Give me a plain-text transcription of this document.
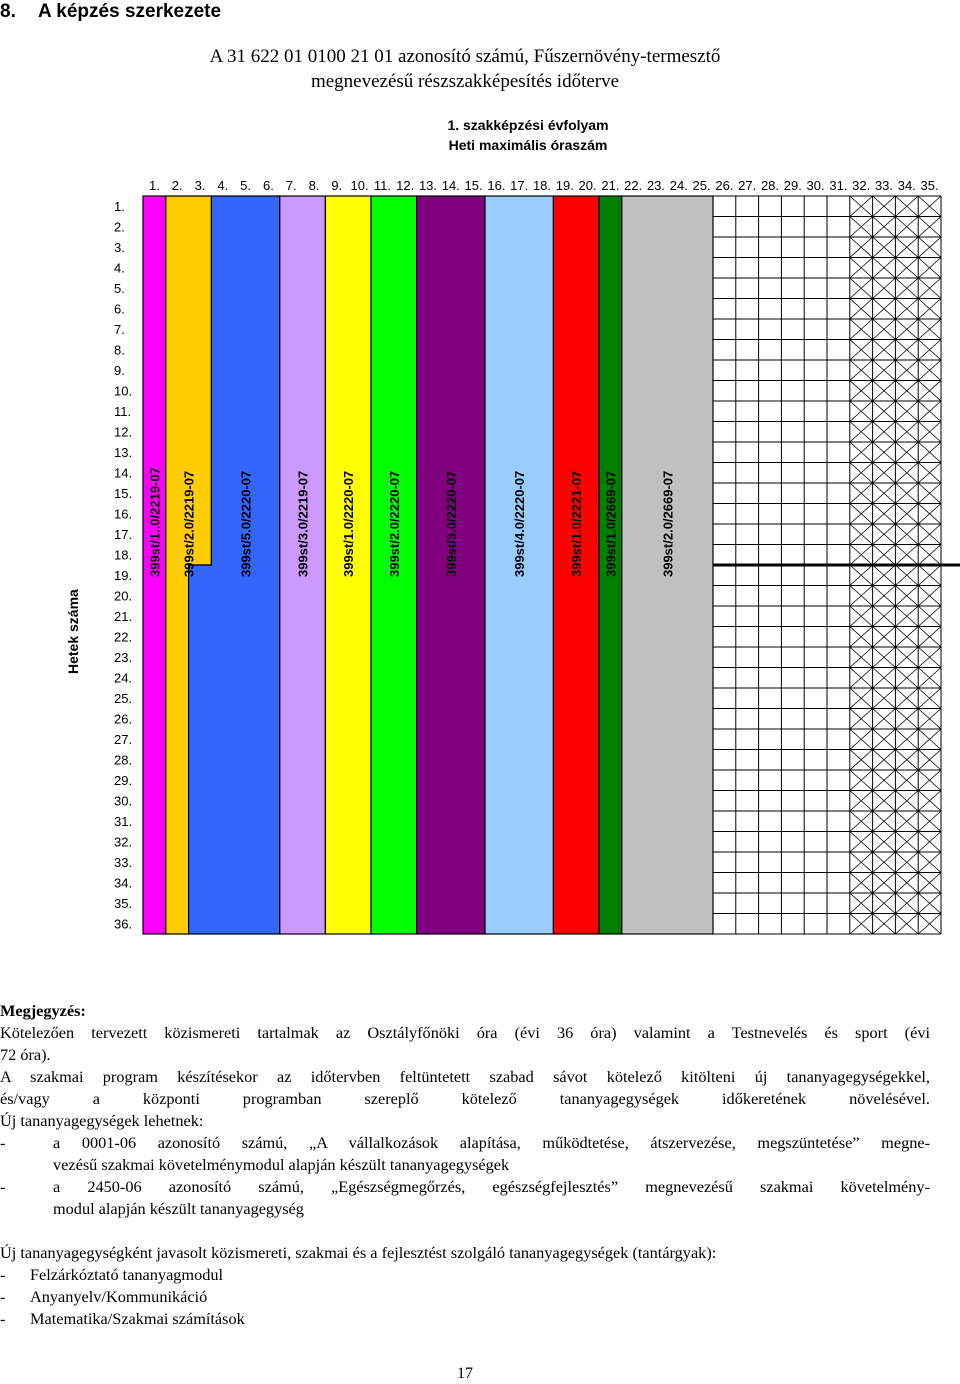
8. A képzés szerkezete
A 31 622 01 0100 21 01 azonosító számú, Fűszernövény-termesztő
megnevezésű részszakképesítés időterve
1. szakképzési évfolyam
Heti maximális óraszám
Hetek száma
1. 2. 3. 4. 5. 6. 7. 8. 9. 10. 11. 12. 13. 14. 15. 16. 17. 18. 19. 20. 21. 22. 23. 24. 25. 26. 27. 28. 29. 30. 31. 32. 33. 34. 35.
1.
2.
3.
4.
5.
6.
7.
8.
9.
10.
11.
12.
13.
14.
15.
16.
17.
18.
19.
20.
21.
22.
23.
24.
25.
26.
27.
28.
29.
30.
31.
32.
33.
34.
35.
36.
399st/1..0/2219-07 399st/2.0/2219-07	399st/5.0/2220-07	399st/3.0/2219-07 399st/1.0/2220-07 399st/2.0/2220-07	399st/3.0/2220-07	399st/4.0/2220-07	399st/1.0/2221-07 399st/1.0/2669-07	399st/2.0/2669-07

Megjegyzés:

Kötelezően tervezett közismereti tartalmak az Osztályfőnöki óra (évi 36 óra) valamint a Testnevelés és sport (évi

72 óra).

A szakmai program készítésekor az időtervben feltüntetett szabad sávot kötelező kitölteni új tananyagegységekkel,

és/vagy a központi programban szereplő kötelező tananyagegységek időkeretének növelésével.

Új tananyagegységek lehetnek:

-	a 0001-06 azonosító számú, „A vállalkozások alapítása, működtetése, átszervezése, megszüntetése” megne-

vezésű szakmai követelménymodul alapján készült tananyagegységek

-	a 2450-06 azonosító számú, „Egészségmegőrzés, egészségfejlesztés” megnevezésű szakmai követelmény-

modul alapján készült tananyagegység

Új tananyagegységként javasolt közismereti, szakmai és a fejlesztést szolgáló tananyagegységek (tantárgyak):

-	Felzárkóztató tananyagmodul

-	Anyanyelv/Kommunikáció

-	Matematika/Szakmai számítások

17
